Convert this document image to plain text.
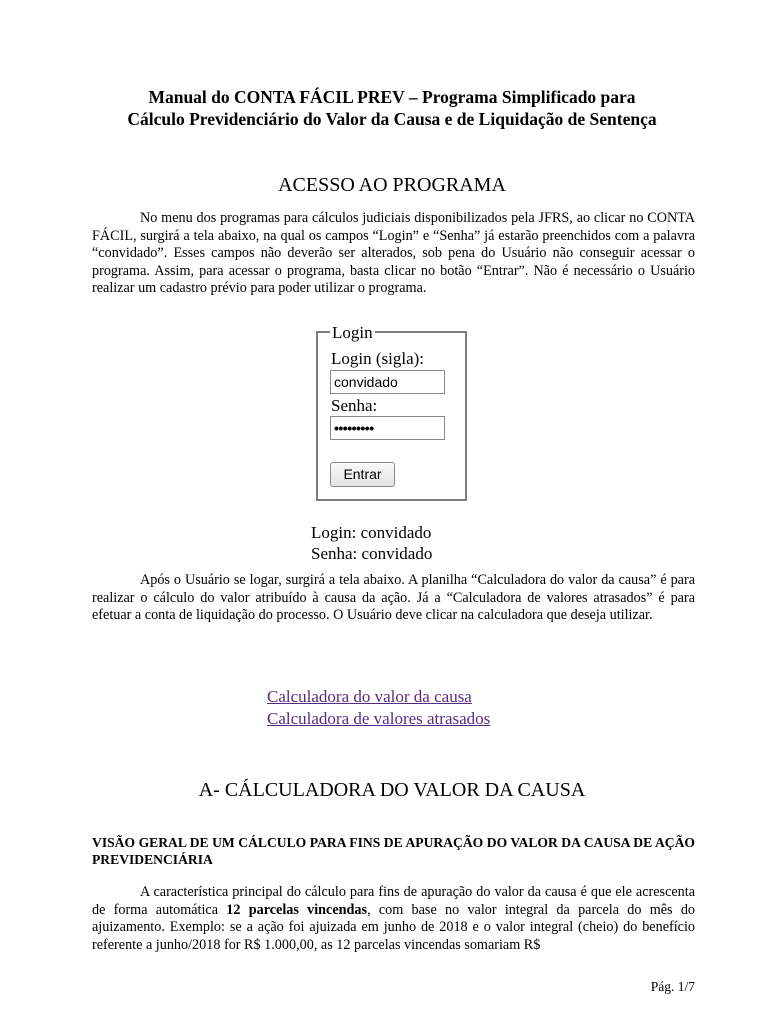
Manual do CONTA FÁCIL PREV – Programa Simplificado para
Cálculo Previdenciário do Valor da Causa e de Liquidação de Sentença
ACESSO AO PROGRAMA

No menu dos programas para cálculos judiciais disponibilizados pela JFRS, ao clicar no CONTA FÁCIL, surgirá a tela abaixo, na qual os campos “Login” e “Senha” já estarão preenchidos com a palavra “convidado”. Esses campos não deverão ser alterados, sob pena do Usuário não conseguir acessar o programa. Assim, para acessar o programa, basta clicar no botão “Entrar”. Não é necessário o Usuário realizar um cadastro prévio para poder utilizar o programa.

Login
Login (sigla):
convidado
Senha:
•••••••••
Entrar
Login: convidado
Senha: convidado

Após o Usuário se logar, surgirá a tela abaixo. A planilha “Calculadora do valor da causa” é para realizar o cálculo do valor atribuído à causa da ação. Já a “Calculadora de valores atrasados” é para efetuar a conta de liquidação do processo. O Usuário deve clicar na calculadora que deseja utilizar.

Calculadora do valor da causa
Calculadora de valores atrasados
A- CÁLCULADORA DO VALOR DA CAUSA
VISÃO GERAL DE UM CÁLCULO PARA FINS DE APURAÇÃO DO VALOR DA CAUSA DE AÇÃO PREVIDENCIÁRIA

A característica principal do cálculo para fins de apuração do valor da causa é que ele acrescenta de forma automática 12 parcelas vincendas, com base no valor integral da parcela do mês do ajuizamento. Exemplo: se a ação foi ajuizada em junho de 2018 e o valor integral (cheio) do benefício referente a junho/2018 for R$ 1.000,00, as 12 parcelas vincendas somariam R$

Pág. 1/7
